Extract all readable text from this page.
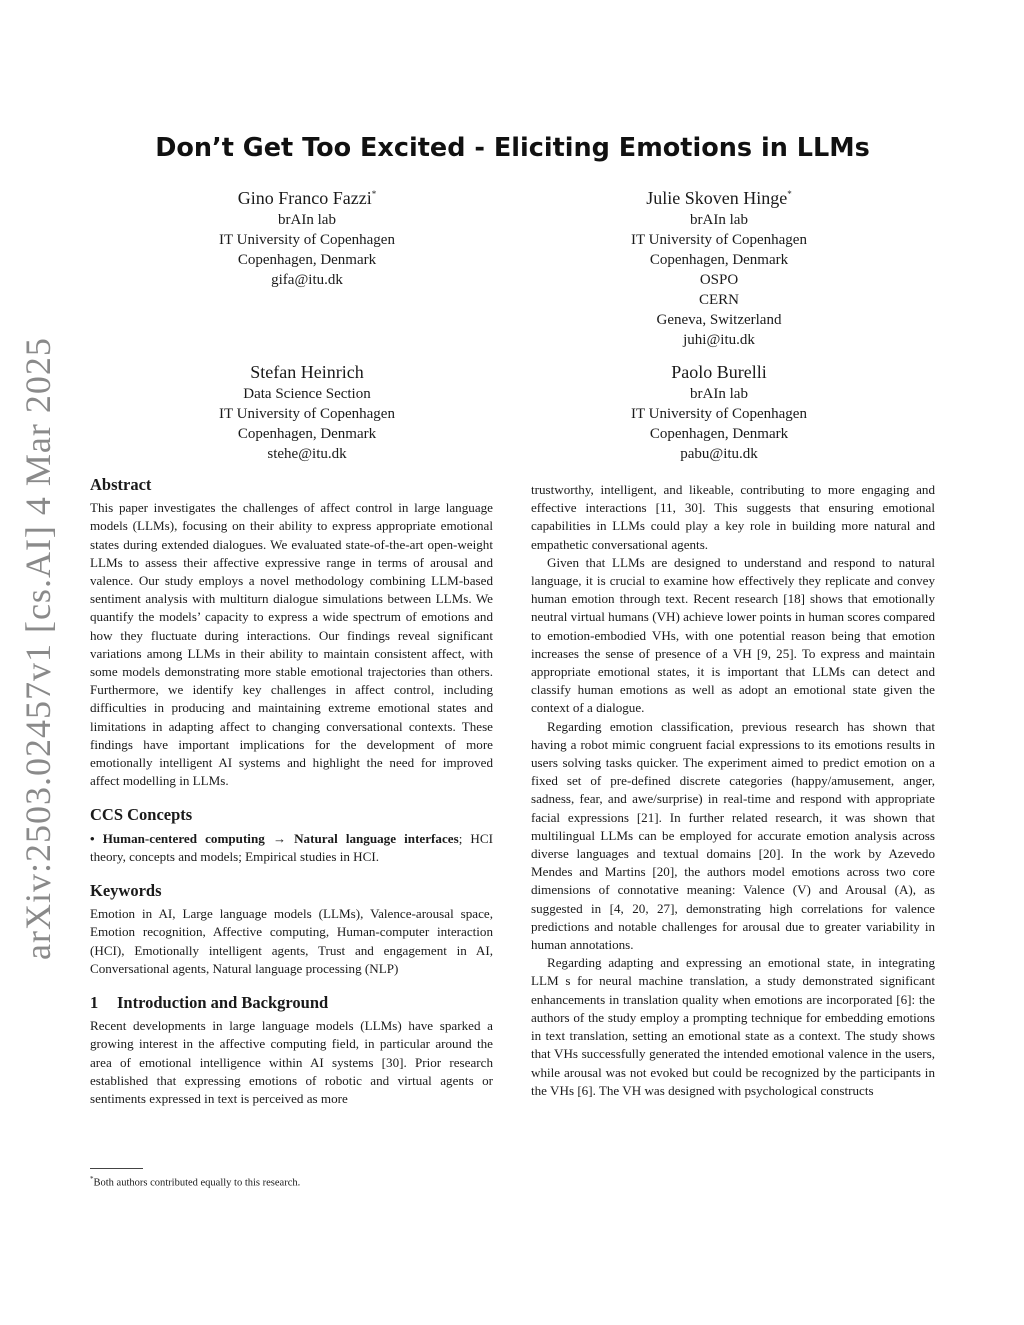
arXiv:2503.02457v1 [cs.AI] 4 Mar 2025
Don’t Get Too Excited - Eliciting Emotions in LLMs
Gino Franco Fazzi*
brAIn lab
IT University of Copenhagen
Copenhagen, Denmark
gifa@itu.dk
Julie Skoven Hinge*
brAIn lab
IT University of Copenhagen
Copenhagen, Denmark
OSPO
CERN
Geneva, Switzerland
juhi@itu.dk
Stefan Heinrich
Data Science Section
IT University of Copenhagen
Copenhagen, Denmark
stehe@itu.dk
Paolo Burelli
brAIn lab
IT University of Copenhagen
Copenhagen, Denmark
pabu@itu.dk
Abstract

This paper investigates the challenges of affect control in large language models (LLMs), focusing on their ability to express appropriate emotional states during extended dialogues. We evaluated state-of-the-art open-weight LLMs to assess their affective expressive range in terms of arousal and valence. Our study employs a novel methodology combining LLM-based sentiment analysis with multiturn dialogue simulations between LLMs. We quantify the models’ capacity to express a wide spectrum of emotions and how they fluctuate during interactions. Our findings reveal significant variations among LLMs in their ability to maintain consistent affect, with some models demonstrating more stable emotional trajectories than others. Furthermore, we identify key challenges in affect control, including difficulties in producing and maintaining extreme emotional states and limitations in adapting affect to changing conversational contexts. These findings have important implications for the development of more emotionally intelligent AI systems and highlight the need for improved affect modelling in LLMs.

CCS Concepts

• Human-centered computing → Natural language interfaces; HCI theory, concepts and models; Empirical studies in HCI.

Keywords

Emotion in AI, Large language models (LLMs), Valence-arousal space, Emotion recognition, Affective computing, Human-computer interaction (HCI), Emotionally intelligent agents, Trust and engagement in AI, Conversational agents, Natural language processing (NLP)

1 Introduction and Background

Recent developments in large language models (LLMs) have sparked a growing interest in the affective computing field, in particular around the area of emotional intelligence within AI systems [30]. Prior research established that expressing emotions of robotic and virtual agents or sentiments expressed in text is perceived as more

trustworthy, intelligent, and likeable, contributing to more engaging and effective interactions [11, 30]. This suggests that ensuring emotional capabilities in LLMs could play a key role in building more natural and empathetic conversational agents.

Given that LLMs are designed to understand and respond to natural language, it is crucial to examine how effectively they replicate and convey human emotion through text. Recent research [18] shows that emotionally neutral virtual humans (VH) achieve lower points in human scores compared to emotion-embodied VHs, with one potential reason being that emotion increases the sense of presence of a VH [9, 25]. To express and maintain appropriate emotional states, it is important that LLMs can detect and classify human emotions as well as adopt an emotional state given the context of a dialogue.

Regarding emotion classification, previous research has shown that having a robot mimic congruent facial expressions to its emotions results in users solving tasks quicker. The experiment aimed to predict emotion on a fixed set of pre-defined discrete categories (happy/amusement, anger, sadness, fear, and awe/surprise) in real-time and respond with appropriate facial expressions [21]. In further related research, it was shown that multilingual LLMs can be employed for accurate emotion analysis across diverse languages and textual domains [20]. In the work by Azevedo Mendes and Martins [20], the authors model emotions across two core dimensions of connotative meaning: Valence (V) and Arousal (A), as suggested in [4, 20, 27], demonstrating high correlations for valence predictions and notable challenges for arousal due to greater variability in human annotations.

Regarding adapting and expressing an emotional state, in integrating LLM s for neural machine translation, a study demonstrated significant enhancements in translation quality when emotions are incorporated [6]: the authors of the study employ a prompting technique for embedding emotions in text translation, setting an emotional state as a context. The study shows that VHs successfully generated the intended emotional valence in the users, while arousal was not evoked but could be recognized by the participants in the VHs [6]. The VH was designed with psychological constructs

*Both authors contributed equally to this research.
